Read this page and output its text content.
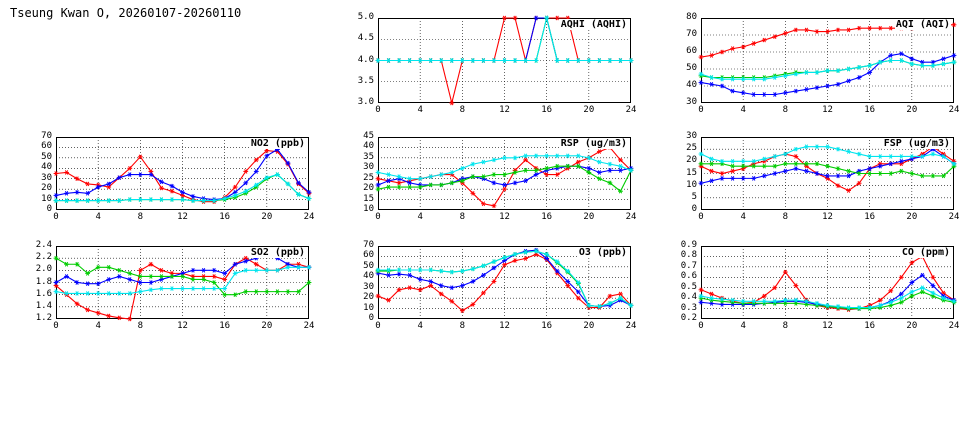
Tseung Kwan O, 20260107-20260110
AQHI (AQHI)
0	4	8	12	16	20	24
3.0
3.5
4.0
4.5
5.0
AQI (AQI)
0	4	8	12	16	20	24
30
40
50
60
70
80
NO2 (ppb)
0	4	8	12	16	20	24
0
10
20
30
40
50
60
70
RSP (ug/m3)
0	4	8	12	16	20	24
10
15
20
25
30
35
40
45
FSP (ug/m3)
0	4	8	12	16	20	24
0
5
10
15
20
25
30
SO2 (ppb)
0	4	8	12	16	20	24
1.2
1.4
1.6
1.8
2.0
2.2
2.4
O3 (ppb)
0	4	8	12	16	20	24
0
10
20
30
40
50
60
70
CO (ppm)
0	4	8	12	16	20	24
0.2
0.3
0.4
0.5
0.6
0.7
0.8
0.9
